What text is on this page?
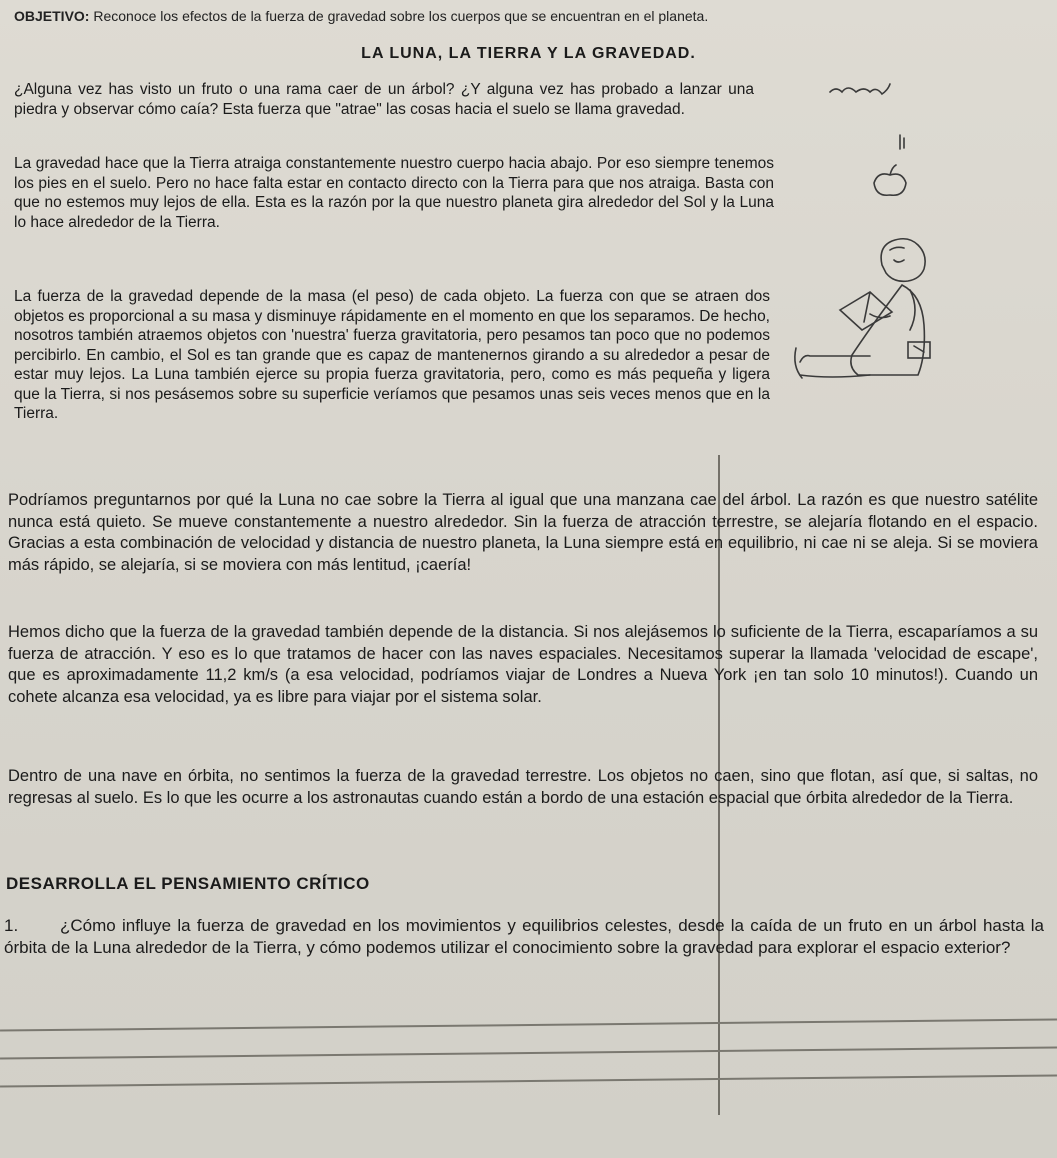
OBJETIVO: Reconoce los efectos de la fuerza de gravedad sobre los cuerpos que se encuentran en el planeta.
LA LUNA, LA TIERRA Y LA GRAVEDAD.

¿Alguna vez has visto un fruto o una rama caer de un árbol? ¿Y alguna vez has probado a lanzar una piedra y observar cómo caía? Esta fuerza que "atrae" las cosas hacia el suelo se llama gravedad.

La gravedad hace que la Tierra atraiga constantemente nuestro cuerpo hacia abajo. Por eso siempre tenemos los pies en el suelo. Pero no hace falta estar en contacto directo con la Tierra para que nos atraiga. Basta con que no estemos muy lejos de ella. Esta es la razón por la que nuestro planeta gira alrededor del Sol y la Luna lo hace alrededor de la Tierra.

La fuerza de la gravedad depende de la masa (el peso) de cada objeto. La fuerza con que se atraen dos objetos es proporcional a su masa y disminuye rápidamente en el momento en que los separamos. De hecho, nosotros también atraemos objetos con 'nuestra' fuerza gravitatoria, pero pesamos tan poco que no podemos percibirlo. En cambio, el Sol es tan grande que es capaz de mantenernos girando a su alrededor a pesar de estar muy lejos. La Luna también ejerce su propia fuerza gravitatoria, pero, como es más pequeña y ligera que la Tierra, si nos pesásemos sobre su superficie veríamos que pesamos unas seis veces menos que en la Tierra.

Podríamos preguntarnos por qué la Luna no cae sobre la Tierra al igual que una manzana cae del árbol. La razón es que nuestro satélite nunca está quieto. Se mueve constantemente a nuestro alrededor. Sin la fuerza de atracción terrestre, se alejaría flotando en el espacio. Gracias a esta combinación de velocidad y distancia de nuestro planeta, la Luna siempre está en equilibrio, ni cae ni se aleja. Si se moviera más rápido, se alejaría, si se moviera con más lentitud, ¡caería!

Hemos dicho que la fuerza de la gravedad también depende de la distancia. Si nos alejásemos lo suficiente de la Tierra, escaparíamos a su fuerza de atracción. Y eso es lo que tratamos de hacer con las naves espaciales. Necesitamos superar la llamada 'velocidad de escape', que es aproximadamente 11,2 km/s (a esa velocidad, podríamos viajar de Londres a Nueva York ¡en tan solo 10 minutos!). Cuando un cohete alcanza esa velocidad, ya es libre para viajar por el sistema solar.

Dentro de una nave en órbita, no sentimos la fuerza de la gravedad terrestre. Los objetos no caen, sino que flotan, así que, si saltas, no regresas al suelo. Es lo que les ocurre a los astronautas cuando están a bordo de una estación espacial que órbita alrededor de la Tierra.

DESARROLLA EL PENSAMIENTO CRÍTICO

1. ¿Cómo influye la fuerza de gravedad en los movimientos y equilibrios celestes, desde la caída de un fruto en un árbol hasta la órbita de la Luna alrededor de la Tierra, y cómo podemos utilizar el conocimiento sobre la gravedad para explorar el espacio exterior?
